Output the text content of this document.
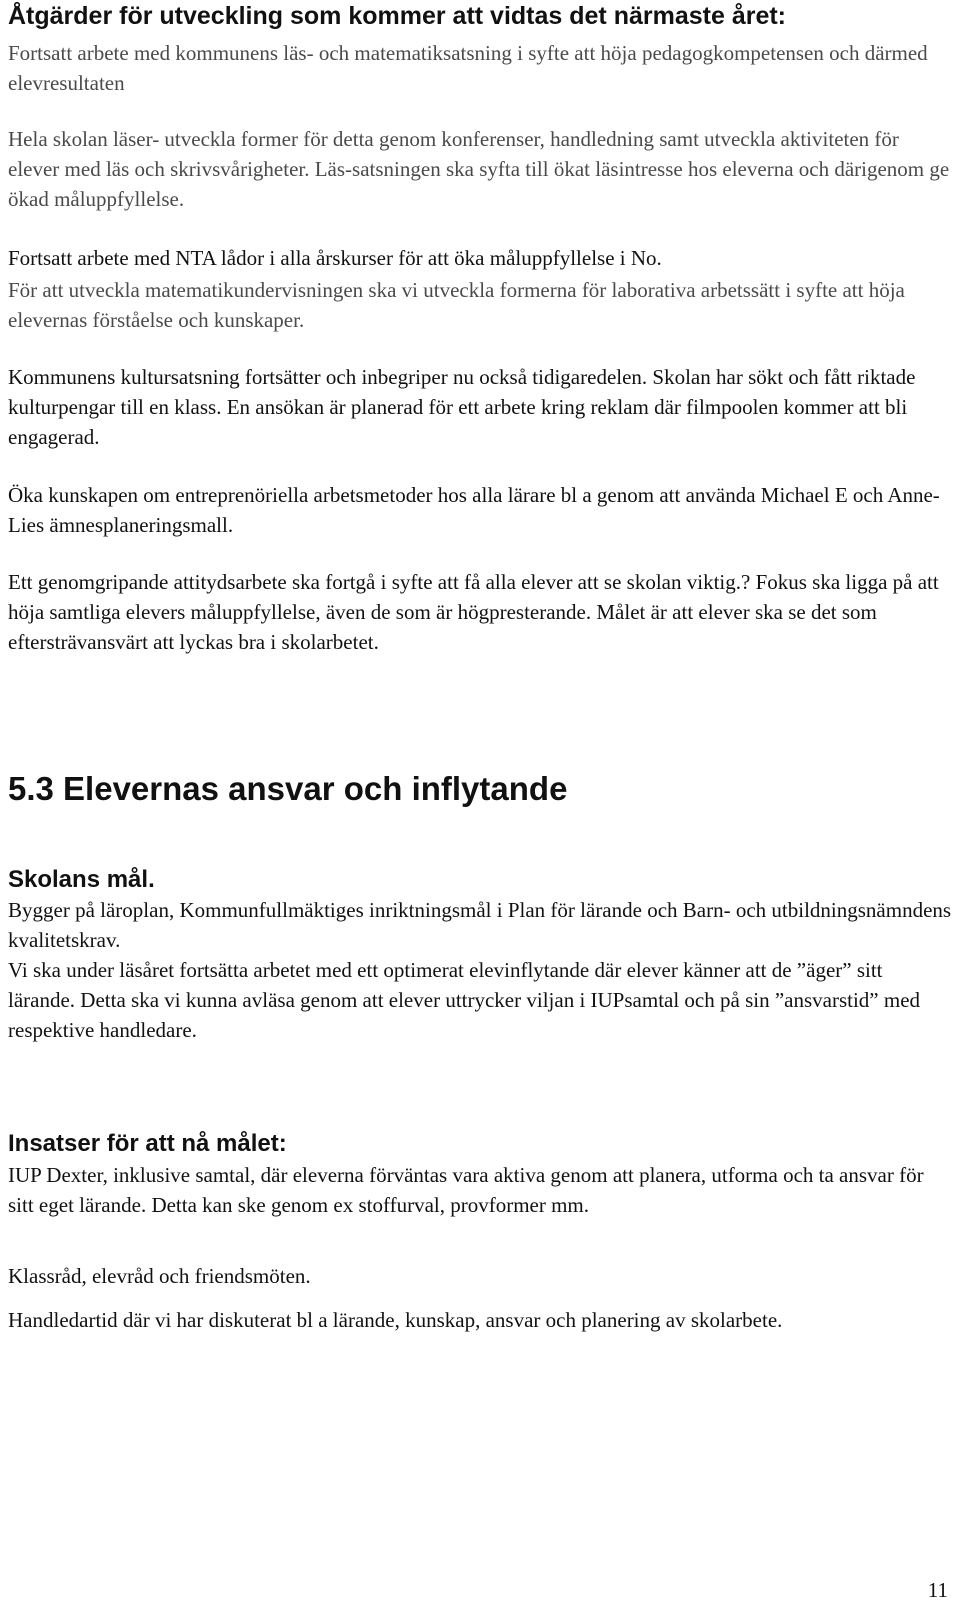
Åtgärder för utveckling som kommer att vidtas det närmaste året:

Fortsatt arbete med kommunens läs- och matematiksatsning i syfte att höja pedagogkompetensen och därmed elevresultaten

Hela skolan läser- utveckla former för detta genom konferenser, handledning samt utveckla aktiviteten för elever med läs och skrivsvårigheter. Läs-satsningen ska syfta till ökat läsintresse hos eleverna och därigenom ge ökad måluppfyllelse.

Fortsatt arbete med NTA lådor i alla årskurser för att öka måluppfyllelse i No.

För att utveckla matematikundervisningen ska vi utveckla formerna för laborativa arbetssätt i syfte att höja elevernas förståelse och kunskaper.

Kommunens kultursatsning fortsätter och inbegriper nu också tidigaredelen. Skolan har sökt och fått riktade kulturpengar till en klass. En ansökan är planerad för ett arbete kring reklam där filmpoolen kommer att bli engagerad.

Öka kunskapen om entreprenöriella arbetsmetoder hos alla lärare bl a genom att använda Michael E och Anne-Lies ämnesplaneringsmall.

Ett genomgripande attitydsarbete ska fortgå i syfte att få alla elever att se skolan viktig.? Fokus ska ligga på att höja samtliga elevers måluppfyllelse, även de som är högpresterande. Målet är att elever ska se det som eftersträvansvärt att lyckas bra i skolarbetet.

5.3 Elevernas ansvar och inflytande
Skolans mål.

Bygger på läroplan, Kommunfullmäktiges inriktningsmål i Plan för lärande och Barn- och utbildningsnämndens kvalitetskrav.

Vi ska under läsåret fortsätta arbetet med ett optimerat elevinflytande där elever känner att de ”äger” sitt lärande. Detta ska vi kunna avläsa genom att elever uttrycker viljan i IUPsamtal och på sin ”ansvarstid” med respektive handledare.

Insatser för att nå målet:

IUP Dexter, inklusive samtal, där eleverna förväntas vara aktiva genom att planera, utforma och ta ansvar för sitt eget lärande. Detta kan ske genom ex stoffurval, provformer mm.

Klassråd, elevråd och friendsmöten.

Handledartid där vi har diskuterat bl a lärande, kunskap, ansvar och planering av skolarbete.

11
